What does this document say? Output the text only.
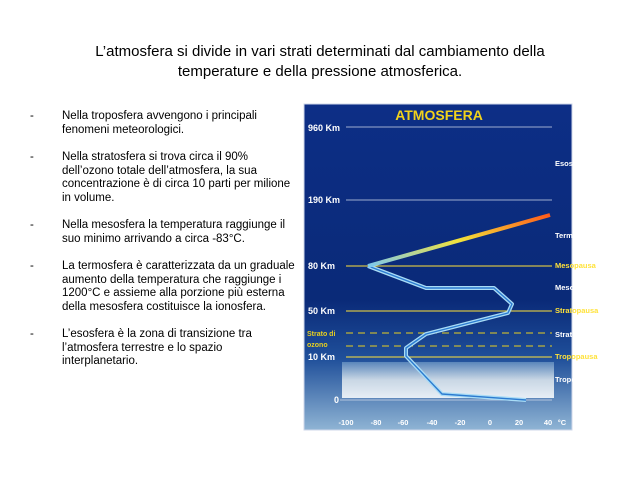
L’atmosfera si divide in vari strati determinati dal cambiamento della
temperature e della pressione atmosferica.
- Nella troposfera avvengono i principali fenomeni meteorologici.
- Nella stratosfera si trova circa il 90% dell’ozono totale dell’atmosfera, la sua concentrazione è di circa 10 parti per milione in volume.
- Nella mesosfera la temperatura raggiunge il suo minimo arrivando a circa -83°C.
- La termosfera è caratterizzata da un graduale aumento della temperatura che raggiunge i 1200°C e assieme alla porzione più esterna della mesosfera costituisce la ionosfera.
- L’esosfera è la zona di transizione tra l’atmosfera terrestre e lo spazio interplanetario.
ATMOSFERA
960 Km
190 Km
80 Km
50 Km
10 Km
0
Strato di
ozono
Esosfera
Termosfera
Mesopausa
Mesosfera
Stratopausa
Stratosfera
Tropopausa
Troposfera
-100 -80 -60 -40 -20	0	20	40 °C
